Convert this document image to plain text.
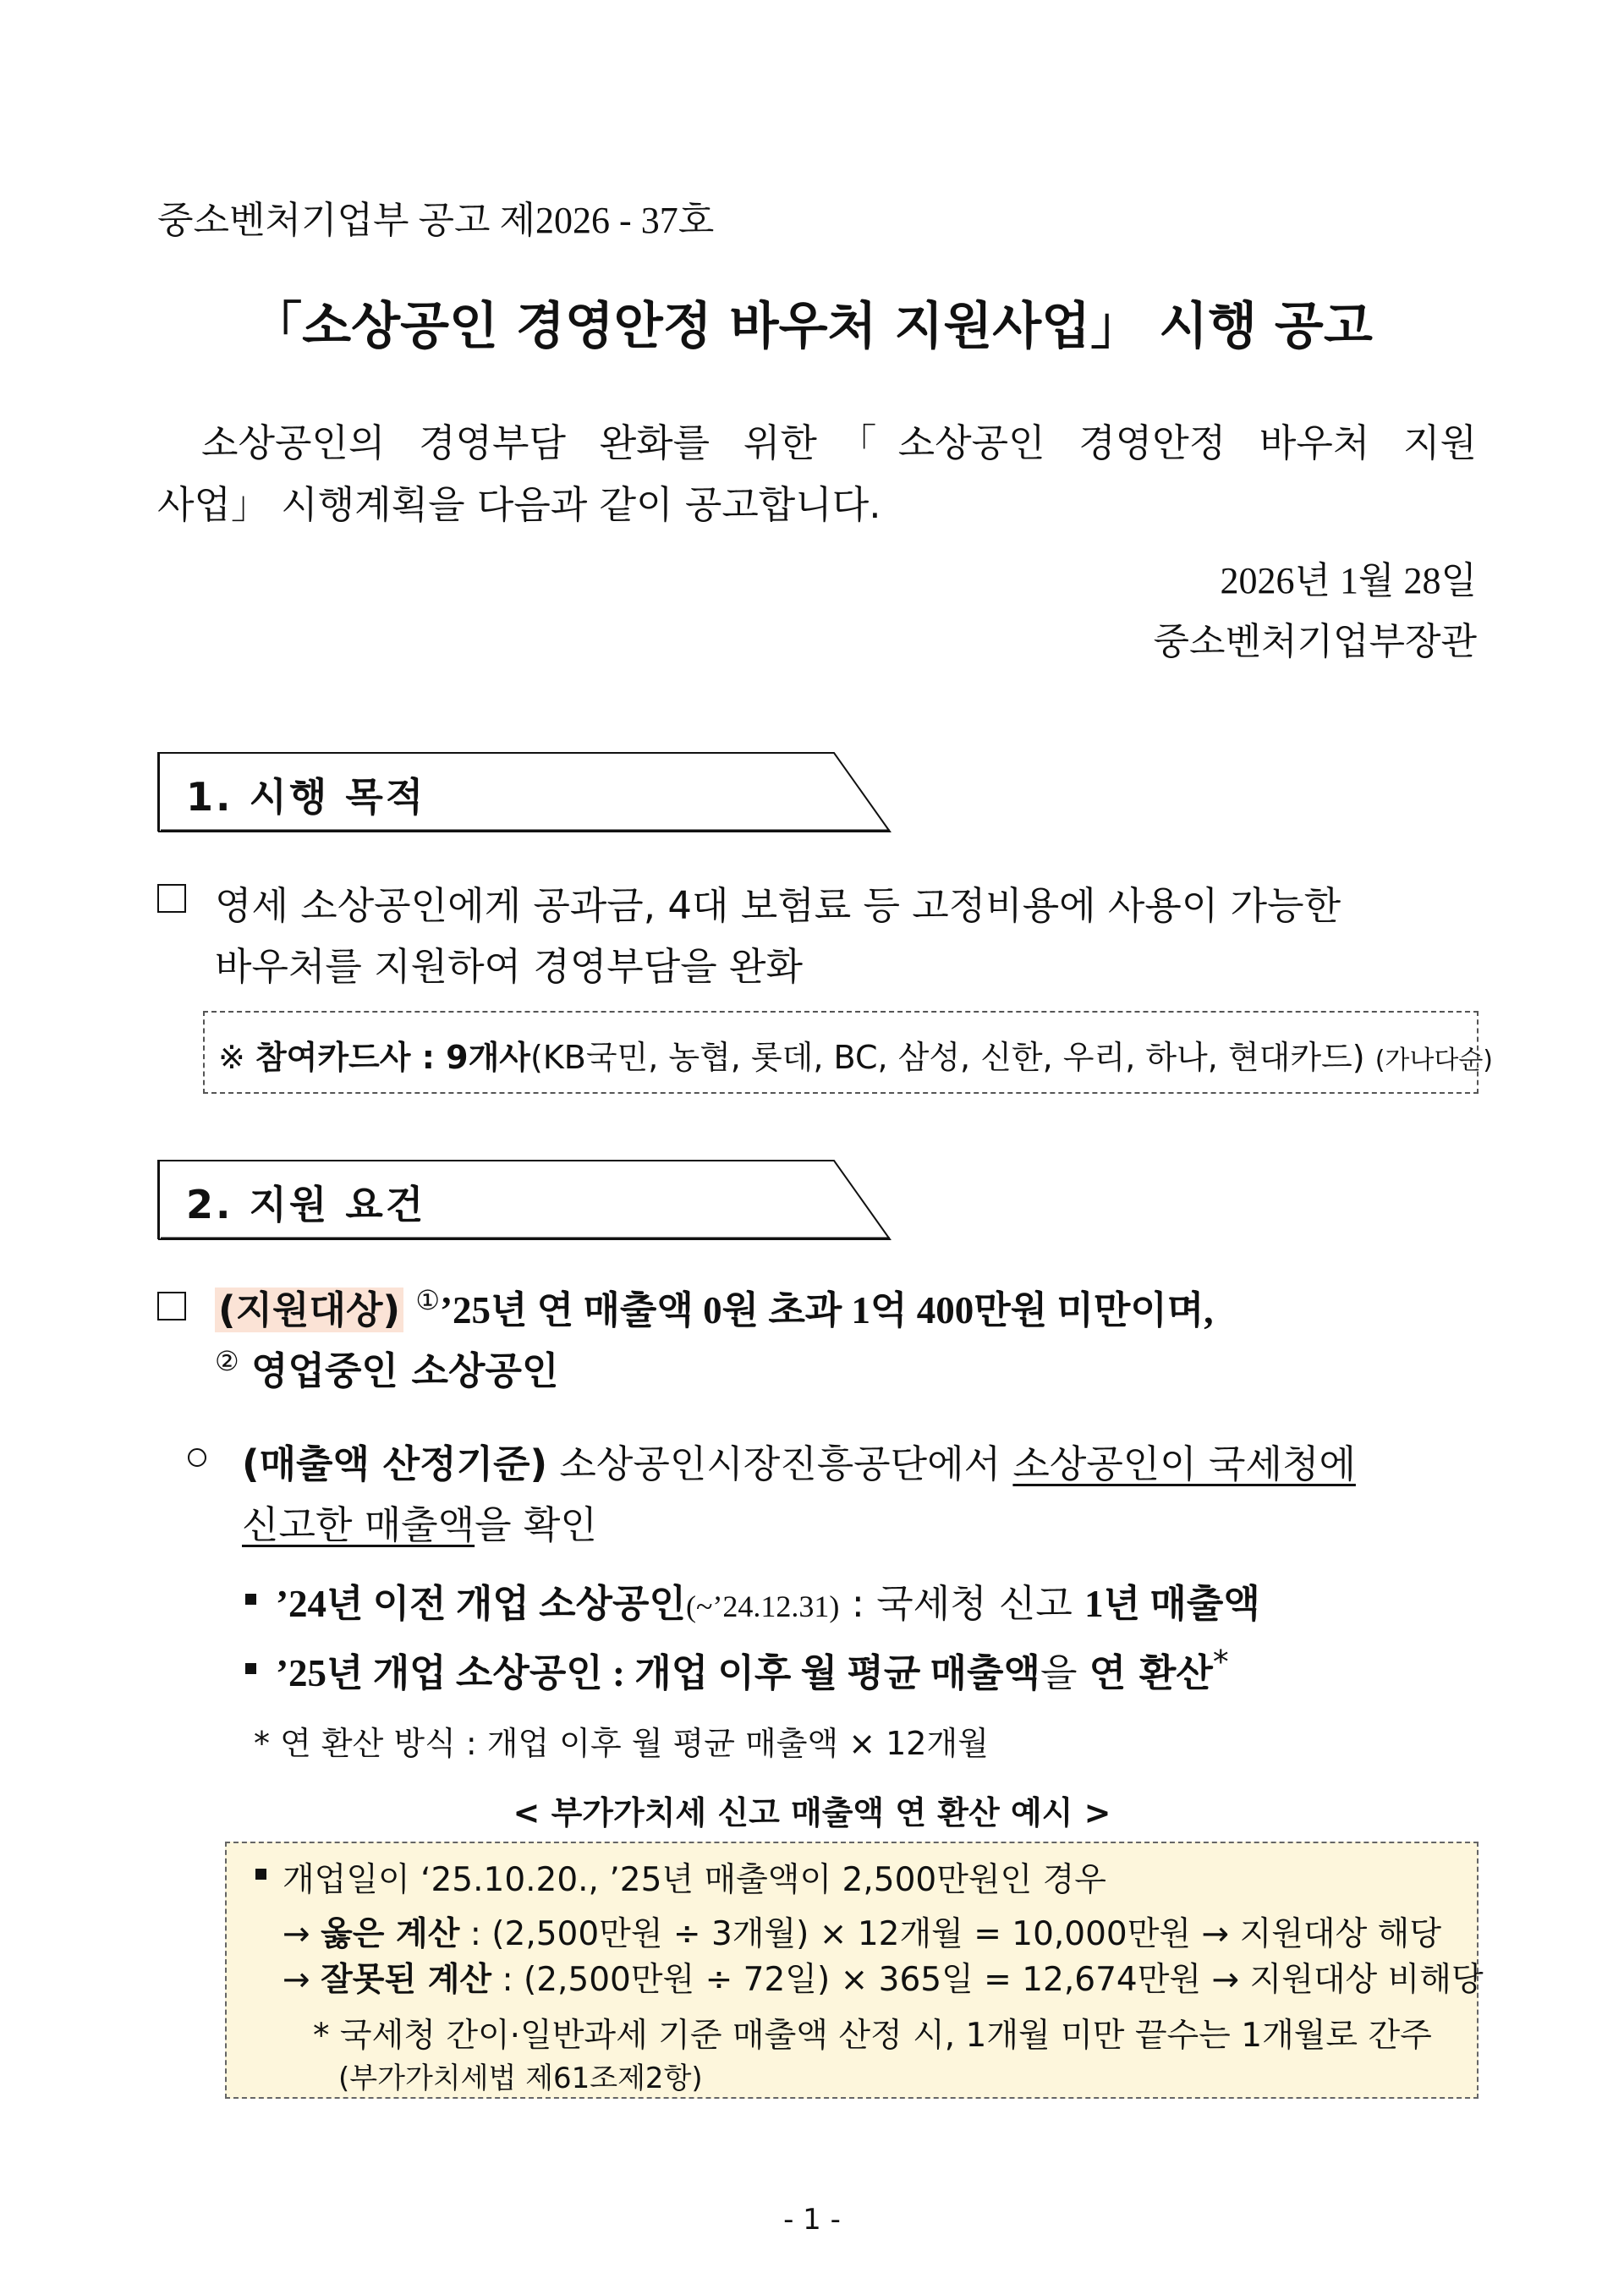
중소벤처기업부 공고 제2026 - 37호
「소상공인 경영안정 바우처 지원사업」 시행 공고
소상공인의 경영부담 완화를 위한「소상공인 경영안정 바우처 지원
사업」 시행계획을 다음과 같이 공고합니다.
2026년 1월 28일
중소벤처기업부장관
1. 시행 목적
영세 소상공인에게 공과금, 4대 보험료 등 고정비용에 사용이 가능한
바우처를 지원하여 경영부담을 완화
※ 참여카드사 : 9개사(KB국민, 농협, 롯데, BC, 삼성, 신한, 우리, 하나, 현대카드) (가나다순)
2. 지원 요건
(지원대상) ①’25년 연 매출액 0원 초과 1억 400만원 미만이며,
② 영업중인 소상공인
(매출액 산정기준) 소상공인시장진흥공단에서 소상공인이 국세청에
신고한 매출액을 확인
’24년 이전 개업 소상공인(~’24.12.31) : 국세청 신고 1년 매출액
’25년 개업 소상공인 : 개업 이후 월 평균 매출액을 연 환산*
* 연 환산 방식 : 개업 이후 월 평균 매출액 × 12개월
< 부가가치세 신고 매출액 연 환산 예시 >
개업일이 ‘25.10.20., ’25년 매출액이 2,500만원인 경우
→ 옳은 계산 : (2,500만원 ÷ 3개월) × 12개월 = 10,000만원 → 지원대상 해당
→ 잘못된 계산 : (2,500만원 ÷ 72일) × 365일 = 12,674만원 → 지원대상 비해당
* 국세청 간이·일반과세 기준 매출액 산정 시, 1개월 미만 끝수는 1개월로 간주
(부가가치세법 제61조제2항)
- 1 -
